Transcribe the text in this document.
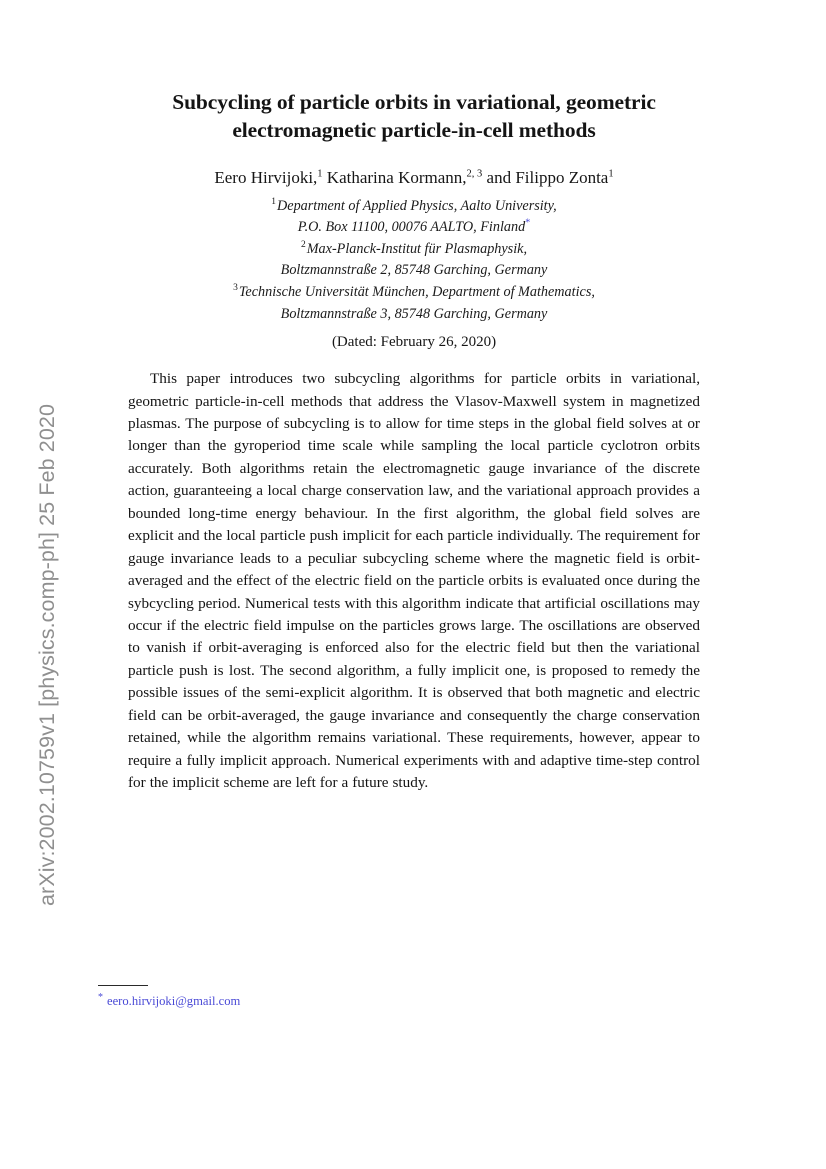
arXiv:2002.10759v1 [physics.comp-ph] 25 Feb 2020
Subcycling of particle orbits in variational, geometric
electromagnetic particle-in-cell methods

Eero Hirvijoki,$^1$ Katharina Kormann,$^{2, 3}$ and Filippo Zonta$^1$

$^1$Department of Applied Physics, Aalto University,
P.O. Box 11100, 00076 AALTO, Finland*
$^2$Max-Planck-Institut für Plasmaphysik,
Boltzmannstraße 2, 85748 Garching, Germany
$^3$Technische Universität München, Department of Mathematics,
Boltzmannstraße 3, 85748 Garching, Germany

(Dated: February 26, 2020)

This paper introduces two subcycling algorithms for particle orbits in variational, geometric particle-in-cell methods that address the Vlasov-Maxwell system in magnetized plasmas. The purpose of subcycling is to allow for time steps in the global field solves at or longer than the gyroperiod time scale while sampling the local particle cyclotron orbits accurately. Both algorithms retain the electromagnetic gauge invariance of the discrete action, guaranteeing a local charge conservation law, and the variational approach provides a bounded long-time energy behaviour. In the first algorithm, the global field solves are explicit and the local particle push implicit for each particle individually. The requirement for gauge invariance leads to a peculiar subcycling scheme where the magnetic field is orbit-averaged and the effect of the electric field on the particle orbits is evaluated once during the sybcycling period. Numerical tests with this algorithm indicate that artificial oscillations may occur if the electric field impulse on the particles grows large. The oscillations are observed to vanish if orbit-averaging is enforced also for the electric field but then the variational particle push is lost. The second algorithm, a fully implicit one, is proposed to remedy the possible issues of the semi-explicit algorithm. It is observed that both magnetic and electric field can be orbit-averaged, the gauge invariance and consequently the charge conservation retained, while the algorithm remains variational. These requirements, however, appear to require a fully implicit approach. Numerical experiments with and adaptive time-step control for the implicit scheme are left for a future study.

* eero.hirvijoki@gmail.com
